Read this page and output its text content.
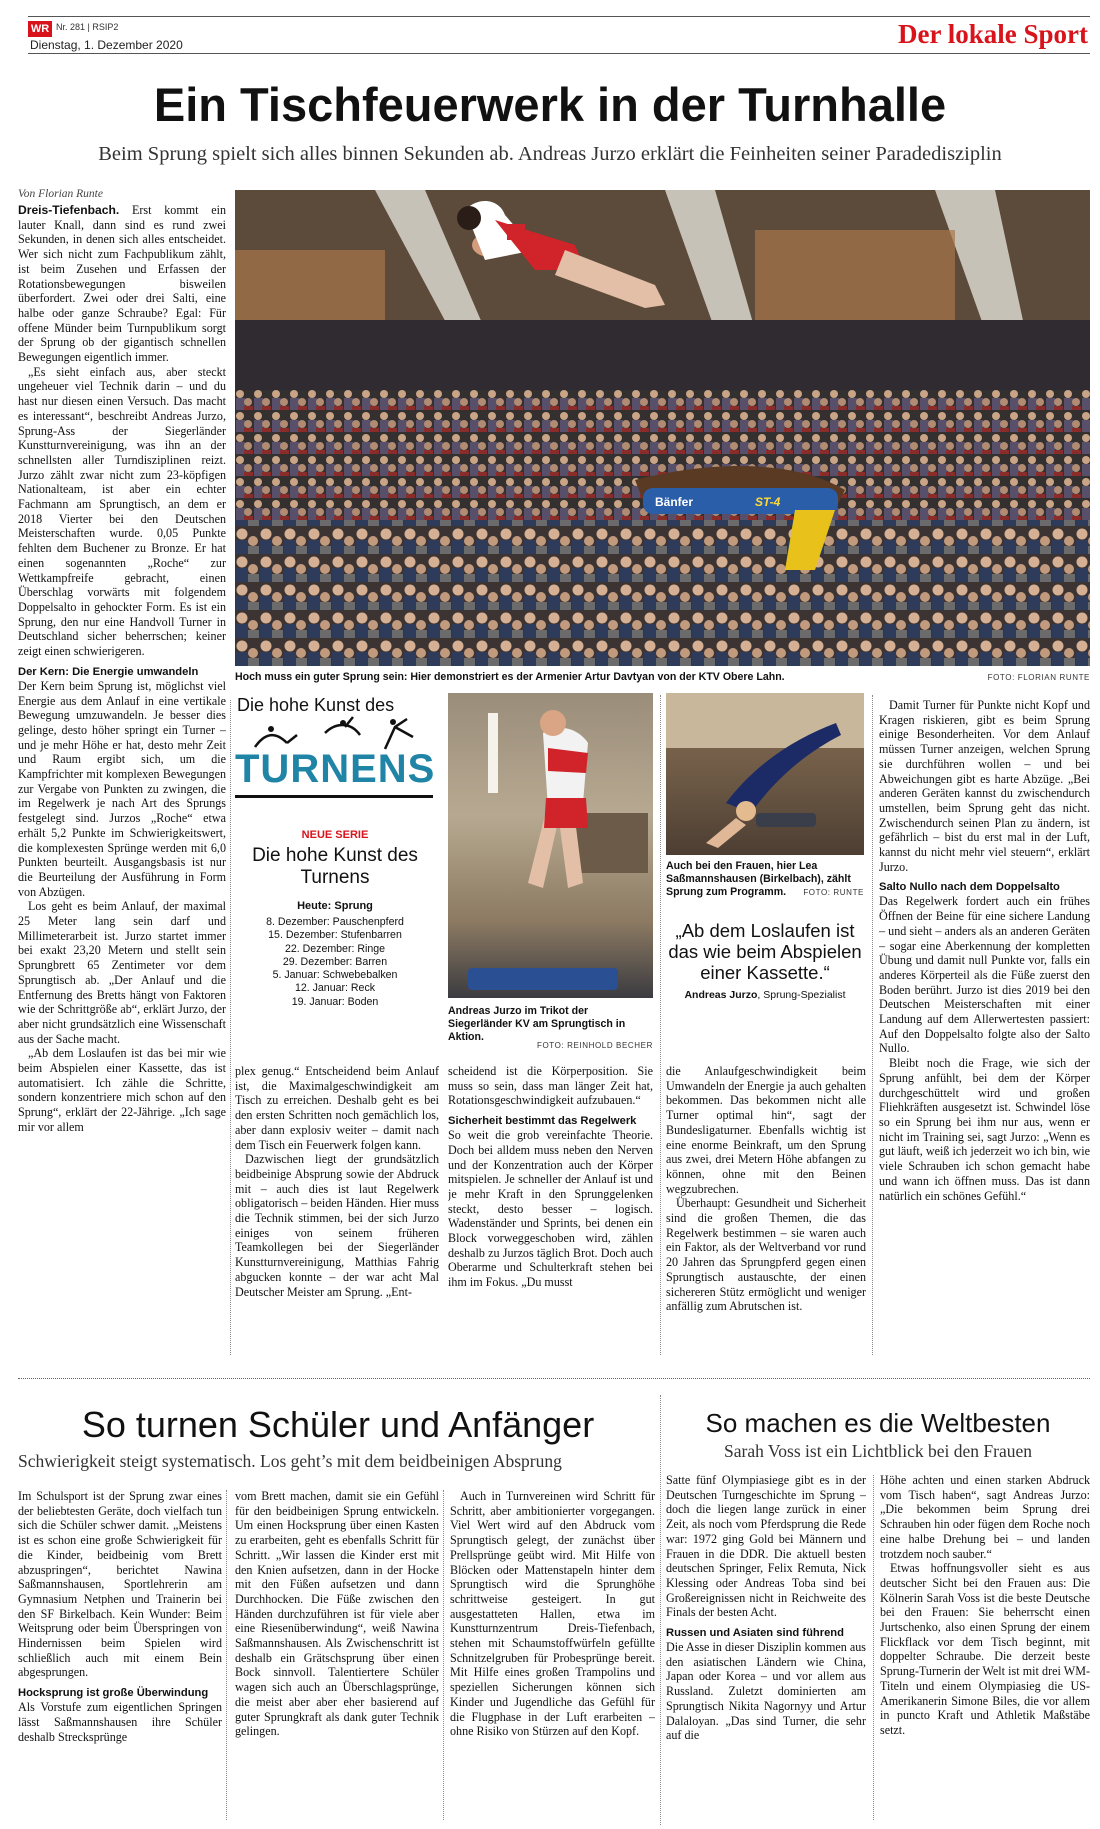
WR Nr. 281 | RSIP2
Dienstag, 1. Dezember 2020	Der lokale Sport
Ein Tischfeuerwerk in der Turnhalle
Beim Sprung spielt sich alles binnen Sekunden ab. Andreas Jurzo erklärt die Feinheiten seiner Paradedisziplin
Von Florian Runte
Bänfer	ST-4
Hoch muss ein guter Sprung sein: Hier demonstriert es der Armenier Artur Davtyan von der KTV Obere Lahn.	FOTO: FLORIAN RUNTE

Dreis-Tiefenbach. Erst kommt ein lauter Knall, dann sind es rund zwei Sekunden, in denen sich alles entscheidet. Wer sich nicht zum Fachpublikum zählt, ist beim Zusehen und Erfassen der Rotationsbewegungen bisweilen überfordert. Zwei oder drei Salti, eine halbe oder ganze Schraube? Egal: Für offene Münder beim Turnpublikum sorgt der Sprung ob der gigantisch schnellen Bewegungen eigentlich immer.

„Es sieht einfach aus, aber steckt ungeheuer viel Technik darin – und du hast nur diesen einen Versuch. Das macht es interessant“, beschreibt Andreas Jurzo, Sprung-Ass der Siegerländer Kunstturnvereinigung, was ihn an der schnellsten aller Turndisziplinen reizt. Jurzo zählt zwar nicht zum 23-köpfigen Nationalteam, ist aber ein echter Fachmann am Sprungtisch, an dem er 2018 Vierter bei den Deutschen Meisterschaften wurde. 0,05 Punkte fehlten dem Buchener zu Bronze. Er hat einen sogenannten „Roche“ zur Wettkampfreife gebracht, einen Überschlag vorwärts mit folgendem Doppelsalto in gehockter Form. Es ist ein Sprung, den nur eine Handvoll Turner in Deutschland sicher beherrschen; keiner zeigt einen schwierigeren.

Der Kern: Die Energie umwandeln

Der Kern beim Sprung ist, möglichst viel Energie aus dem Anlauf in eine vertikale Bewegung umzuwandeln. Je besser dies gelinge, desto höher springt ein Turner – und je mehr Höhe er hat, desto mehr Zeit und Raum ergibt sich, um die Kampfrichter mit komplexen Bewegungen zur Vergabe von Punkten zu zwingen, die im Regelwerk je nach Art des Sprungs festgelegt sind. Jurzos „Roche“ etwa erhält 5,2 Punkte im Schwierigkeitswert, die komplexesten Sprünge werden mit 6,0 Punkten beurteilt. Ausgangsbasis ist nur die Beurteilung der Ausführung in Form von Abzügen.

Los geht es beim Anlauf, der maximal 25 Meter lang sein darf und Millimeterarbeit ist. Jurzo startet immer bei exakt 23,20 Metern und stellt sein Sprungbrett 65 Zentimeter vor dem Sprungtisch ab. „Der Anlauf und die Entfernung des Bretts hängt von Faktoren wie der Schrittgröße ab“, erklärt Jurzo, der aber nicht grundsätzlich eine Wissenschaft aus der Sache macht.

„Ab dem Loslaufen ist das bei mir wie beim Abspielen einer Kassette, das ist automatisiert. Ich zähle die Schritte, sondern konzentriere mich schon auf den Sprung“, erklärt der 22-Jährige. „Ich sage mir vor allem

Die hohe Kunst des
TURNENS
NEUE SERIE
Die hohe Kunst des Turnens
Heute: Sprung
8. Dezember: Pauschenpferd
15. Dezember: Stufenbarren
22. Dezember: Ringe
29. Dezember: Barren
5. Januar: Schwebebalken
12. Januar: Reck
19. Januar: Boden
Andreas Jurzo im Trikot der Siegerländer KV am Sprungtisch in Aktion.
FOTO: REINHOLD BECHER
Auch bei den Frauen, hier Lea Saßmannshausen (Birkelbach), zählt Sprung zum Programm.	FOTO: RUNTE
„Ab dem Loslaufen ist das wie beim Abspielen einer Kassette.“
Andreas Jurzo, Sprung-Spezialist

plex genug.“ Entscheidend beim Anlauf ist, die Maximalgeschwindigkeit am Tisch zu erreichen. Deshalb geht es bei den ersten Schritten noch gemächlich los, aber dann explosiv weiter – damit nach dem Tisch ein Feuerwerk folgen kann.

Dazwischen liegt der grundsätzlich beidbeinige Absprung sowie der Abdruck mit – auch dies ist laut Regelwerk obligatorisch – beiden Händen. Hier muss die Technik stimmen, bei der sich Jurzo einiges von seinem früheren Teamkollegen bei der Siegerländer Kunstturnvereinigung, Matthias Fahrig abgucken konnte – der war acht Mal Deutscher Meister am Sprung. „Ent-

scheidend ist die Körperposition. Sie muss so sein, dass man länger Zeit hat, Rotationsgeschwindigkeit aufzubauen.“

Sicherheit bestimmt das Regelwerk

So weit die grob vereinfachte Theorie. Doch bei alldem muss neben den Nerven und der Konzentration auch der Körper mitspielen. Je schneller der Anlauf ist und je mehr Kraft in den Sprunggelenken steckt, desto besser – logisch. Wadenständer und Sprints, bei denen ein Block vorweggeschoben wird, zählen deshalb zu Jurzos täglich Brot. Doch auch Oberarme und Schulterkraft stehen bei ihm im Fokus. „Du musst

die Anlaufgeschwindigkeit beim Umwandeln der Energie ja auch gehalten bekommen. Das bekommen nicht alle Turner optimal hin“, sagt der Bundesligaturner. Ebenfalls wichtig ist eine enorme Beinkraft, um den Sprung aus zwei, drei Metern Höhe abfangen zu können, ohne mit den Beinen wegzubrechen.

Überhaupt: Gesundheit und Sicherheit sind die großen Themen, die das Regelwerk bestimmen – sie waren auch ein Faktor, als der Weltverband vor rund 20 Jahren das Sprungpferd gegen einen Sprungtisch austauschte, der einen sichereren Stütz ermöglicht und weniger anfällig zum Abrutschen ist.

Damit Turner für Punkte nicht Kopf und Kragen riskieren, gibt es beim Sprung einige Besonderheiten. Vor dem Anlauf müssen Turner anzeigen, welchen Sprung sie durchführen wollen – und bei Abweichungen gibt es harte Abzüge. „Bei anderen Geräten kannst du zwischendurch umstellen, beim Sprung geht das nicht. Zwischendurch seinen Plan zu ändern, ist gefährlich – bist du erst mal in der Luft, kannst du nicht mehr viel steuern“, erklärt Jurzo.

Salto Nullo nach dem Doppelsalto

Das Regelwerk fordert auch ein frühes Öffnen der Beine für eine sichere Landung – und sieht – anders als an anderen Geräten – sogar eine Aberkennung der kompletten Übung und damit null Punkte vor, falls ein anderes Körperteil als die Füße zuerst den Boden berührt. Jurzo ist dies 2019 bei den Deutschen Meisterschaften mit einer Landung auf dem Allerwertesten passiert: Auf den Doppelsalto folgte also der Salto Nullo.

Bleibt noch die Frage, wie sich der Sprung anfühlt, bei dem der Körper durchgeschüttelt wird und großen Fliehkräften ausgesetzt ist. Schwindel löse so ein Sprung bei ihm nur aus, wenn er nicht im Training sei, sagt Jurzo: „Wenn es gut läuft, weiß ich jederzeit wo ich bin, wie viele Schrauben ich schon gemacht habe und wann ich öffnen muss. Das ist dann natürlich ein schönes Gefühl.“

So turnen Schüler und Anfänger
Schwierigkeit steigt systematisch. Los geht’s mit dem beidbeinigen Absprung

Im Schulsport ist der Sprung zwar eines der beliebtesten Geräte, doch vielfach tun sich die Schüler schwer damit. „Meistens ist es schon eine große Schwierigkeit für die Kinder, beidbeinig vom Brett abzuspringen“, berichtet Nawina Saßmannshausen, Sportlehrerin am Gymnasium Netphen und Trainerin bei den SF Birkelbach. Kein Wunder: Beim Weitsprung oder beim Überspringen von Hindernissen beim Spielen wird schließlich auch mit einem Bein abgesprungen.

Hocksprung ist große Überwindung

Als Vorstufe zum eigentlichen Springen lässt Saßmannshausen ihre Schüler deshalb Strecksprünge

vom Brett machen, damit sie ein Gefühl für den beidbeinigen Sprung entwickeln. Um einen Hocksprung über einen Kasten zu erarbeiten, geht es ebenfalls Schritt für Schritt. „Wir lassen die Kinder erst mit den Knien aufsetzen, dann in der Hocke mit den Füßen aufsetzen und dann Durchhocken. Die Füße zwischen den Händen durchzuführen ist für viele aber eine Riesenüberwindung“, weiß Nawina Saßmannshausen. Als Zwischenschritt ist deshalb ein Grätschsprung über einen Bock sinnvoll. Talentiertere Schüler wagen sich auch an Überschlagsprünge, die meist aber aber eher basierend auf guter Sprungkraft als dank guter Technik gelingen.

Auch in Turnvereinen wird Schritt für Schritt, aber ambitionierter vorgegangen. Viel Wert wird auf den Abdruck vom Sprungtisch gelegt, der zunächst über Prellsprünge geübt wird. Mit Hilfe von Blöcken oder Mattenstapeln hinter dem Sprungtisch wird die Sprunghöhe schrittweise gesteigert. In gut ausgestatteten Hallen, etwa im Kunstturnzentrum Dreis-Tiefenbach, stehen mit Schaumstoffwürfeln gefüllte Schnitzelgruben für Probesprünge bereit. Mit Hilfe eines großen Trampolins und speziellen Sicherungen können sich Kinder und Jugendliche das Gefühl für die Flugphase in der Luft erarbeiten – ohne Risiko von Stürzen auf den Kopf.

So machen es die Weltbesten
Sarah Voss ist ein Lichtblick bei den Frauen

Satte fünf Olympiasiege gibt es in der Deutschen Turngeschichte im Sprung – doch die liegen lange zurück in einer Zeit, als noch vom Pferdsprung die Rede war: 1972 ging Gold bei Männern und Frauen in die DDR. Die aktuell besten deutschen Springer, Felix Remuta, Nick Klessing oder Andreas Toba sind bei Großereignissen nicht in Reichweite des Finals der besten Acht.

Russen und Asiaten sind führend

Die Asse in dieser Disziplin kommen aus den asiatischen Ländern wie China, Japan oder Korea – und vor allem aus Russland. Zuletzt dominierten am Sprungtisch Nikita Nagornyy und Artur Dalaloyan. „Das sind Turner, die sehr auf die

Höhe achten und einen starken Abdruck vom Tisch haben“, sagt Andreas Jurzo: „Die bekommen beim Sprung drei Schrauben hin oder fügen dem Roche noch eine halbe Drehung bei – und landen trotzdem noch sauber.“

Etwas hoffnungsvoller sieht es aus deutscher Sicht bei den Frauen aus: Die Kölnerin Sarah Voss ist die beste Deutsche bei den Frauen: Sie beherrscht einen Jurtschenko, also einen Sprung der einem Flickflack vor dem Tisch beginnt, mit doppelter Schraube. Die derzeit beste Sprung-Turnerin der Welt ist mit drei WM-Titeln und einem Olympiasieg die US-Amerikanerin Simone Biles, die vor allem in puncto Kraft und Athletik Maßstäbe setzt.
